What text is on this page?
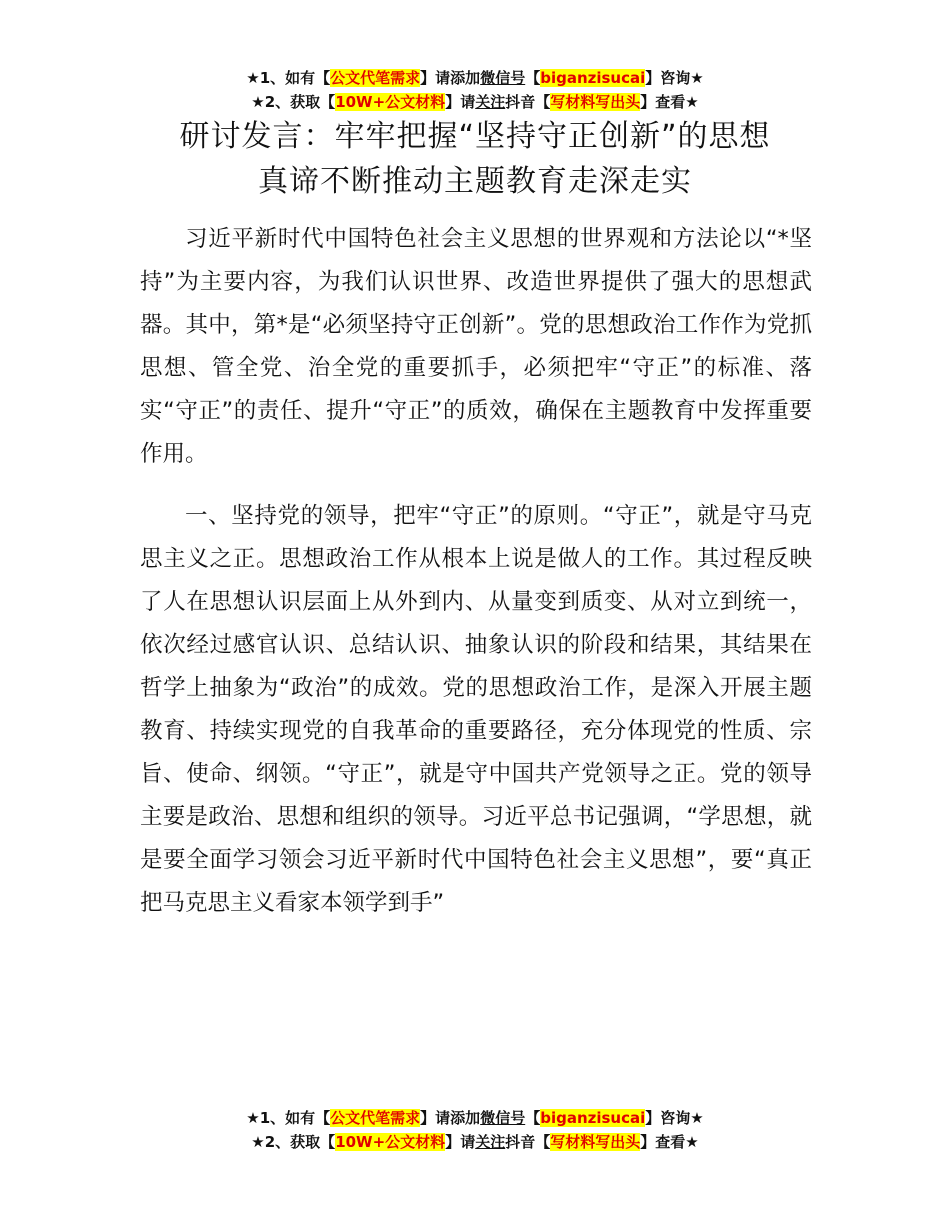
★1、如有【公文代笔需求】请添加微信号【biganzisucai】咨询★
★2、获取【10W+公文材料】请关注抖音【写材料写出头】查看★
研讨发言：牢牢把握“坚持守正创新”的思想
真谛不断推动主题教育走深走实

习近平新时代中国特色社会主义思想的世界观和方法论以“*坚持”为主要内容，为我们认识世界、改造世界提供了强大的思想武器。其中，第*是“必须坚持守正创新”。党的思想政治工作作为党抓思想、管全党、治全党的重要抓手，必须把牢“守正”的标准、落实“守正”的责任、提升“守正”的质效，确保在主题教育中发挥重要作用。

一、坚持党的领导，把牢“守正”的原则。“守正”，就是守马克思主义之正。思想政治工作从根本上说是做人的工作。其过程反映了人在思想认识层面上从外到内、从量变到质变、从对立到统一，依次经过感官认识、总结认识、抽象认识的阶段和结果，其结果在哲学上抽象为“政治”的成效。党的思想政治工作，是深入开展主题教育、持续实现党的自我革命的重要路径，充分体现党的性质、宗旨、使命、纲领。“守正”，就是守中国共产党领导之正。党的领导主要是政治、思想和组织的领导。习近平总书记强调，“学思想，就是要全面学习领会习近平新时代中国特色社会主义思想”，要“真正把马克思主义看家本领学到手”

★1、如有【公文代笔需求】请添加微信号【biganzisucai】咨询★
★2、获取【10W+公文材料】请关注抖音【写材料写出头】查看★
